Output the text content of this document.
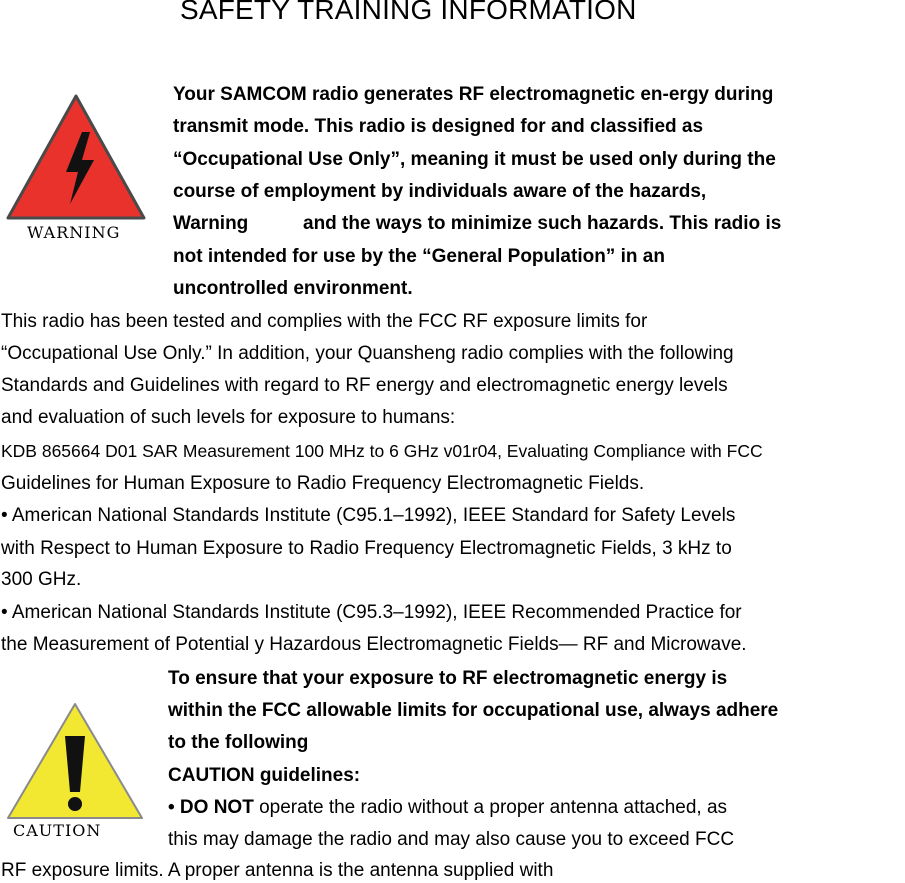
SAFETY TRAINING INFORMATION
WARNING
Your SAMCOM radio generates RF electromagnetic en-ergy during
transmit mode. This radio is designed for and classified as
“Occupational Use Only”, meaning it must be used only during the
course of employment by individuals aware of the hazards,
Warning	and the ways to minimize such hazards. This radio is
not intended for use by the “General Population” in an
uncontrolled environment.
This radio has been tested and complies with the FCC RF exposure limits for
“Occupational Use Only.” In addition, your Quansheng radio complies with the following
Standards and Guidelines with regard to RF energy and electromagnetic energy levels
and evaluation of such levels for exposure to humans:
KDB 865664 D01 SAR Measurement 100 MHz to 6 GHz v01r04, Evaluating Compliance with FCC
Guidelines for Human Exposure to Radio Frequency Electromagnetic Fields.
• American National Standards Institute (C95.1–1992), IEEE Standard for Safety Levels
with Respect to Human Exposure to Radio Frequency Electromagnetic Fields, 3 kHz to
300 GHz.
• American National Standards Institute (C95.3–1992), IEEE Recommended Practice for
the Measurement of Potential y Hazardous Electromagnetic Fields— RF and Microwave.
CAUTION
To ensure that your exposure to RF electromagnetic energy is
within the FCC allowable limits for occupational use, always adhere
to the following
CAUTION guidelines:
• DO NOT operate the radio without a proper antenna attached, as
this may damage the radio and may also cause you to exceed FCC
RF exposure limits. A proper antenna is the antenna supplied with
